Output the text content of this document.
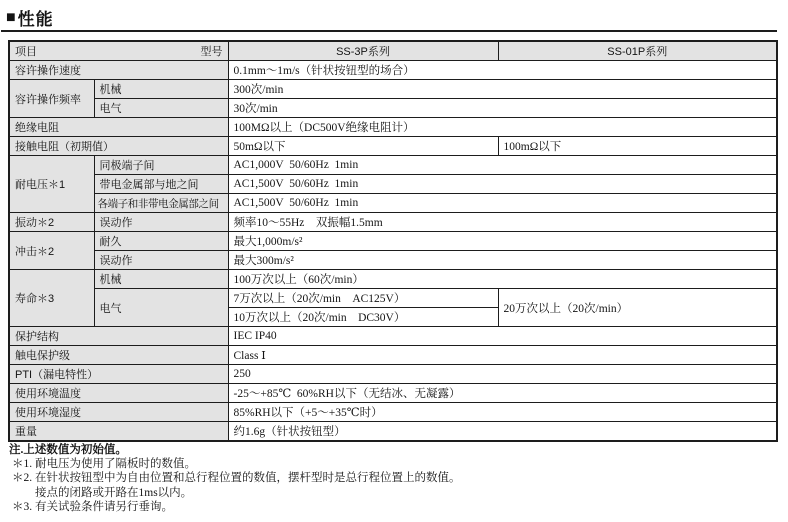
■ 性能
项目 型号		SS-3P系列	SS-01P系列
容许操作速度		0.1mm～1m/s（针状按钮型的场合）	
容许操作频率	机械	300次/min	
	电气	30次/min	
绝缘电阻		100MΩ以上（DC500V绝缘电阻计）	
接触电阻（初期值）		50mΩ以下	100mΩ以下
耐电压＊1	同极端子间	AC1,000V  50/60Hz  1min	
	带电金属部与地之间	AC1,500V  50/60Hz  1min	
	各端子和非带电金属部之间	AC1,500V  50/60Hz  1min	
振动＊2	误动作	频率10～55Hz　双振幅1.5mm	
冲击＊2	耐久	最大1,000m/s²	
	误动作	最大300m/s²	
寿命＊3	机械	100万次以上（60次/min）	
	电气	7万次以上（20次/min　AC125V）	20万次以上（20次/min）
		10万次以上（20次/min　DC30V）	
保护结构		IEC IP40	
触电保护级		Class Ⅰ	
PTI（漏电特性）		250	
使用环境温度		-25～+85℃  60%RH以下（无结冰、无凝露）	
使用环境湿度		85%RH以下（+5～+35℃时）	
重量		约1.6g（针状按钮型）	
注.上述数值为初始值。
＊1. 耐电压为使用了隔板时的数值。
＊2. 在针状按钮型中为自由位置和总行程位置的数值，摆杆型时是总行程位置上的数值。
接点的闭路或开路在1ms以内。
＊3. 有关试验条件请另行垂询。
